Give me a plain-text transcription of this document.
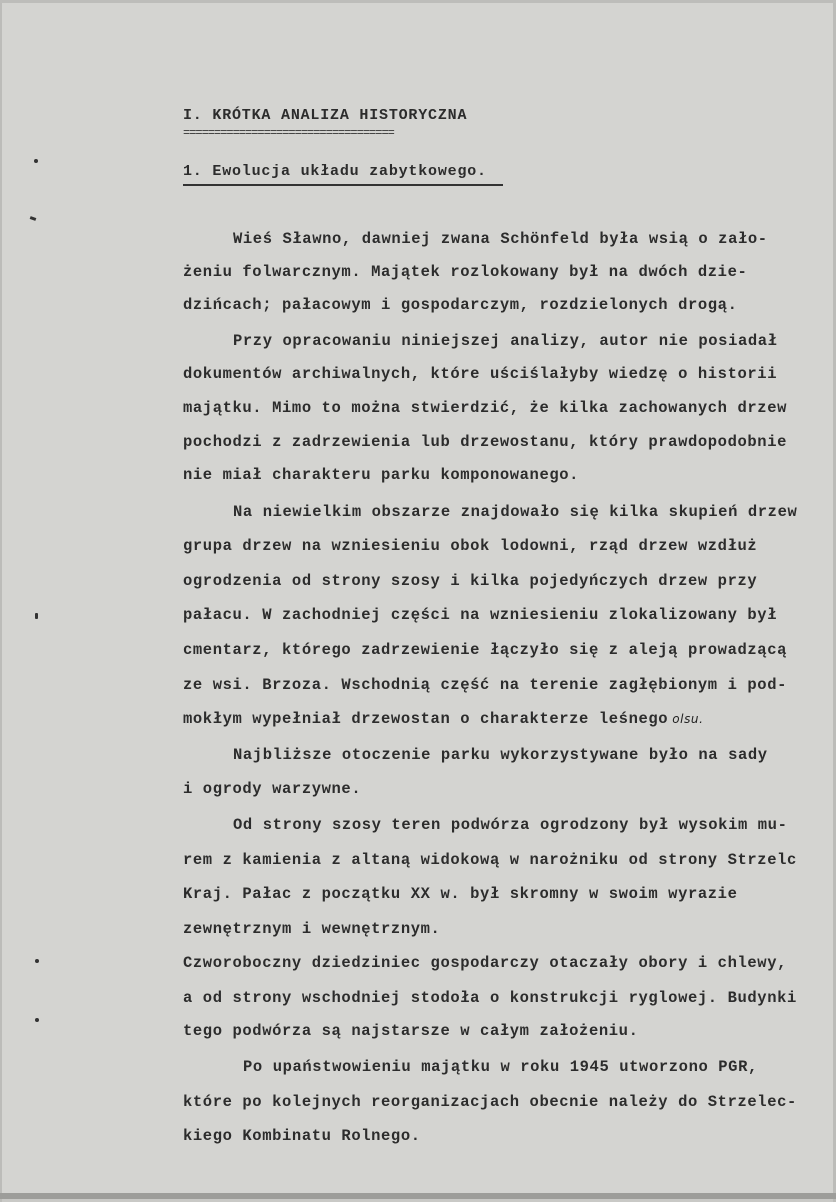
I. KRÓTKA ANALIZA HISTORYCZNA
==================================
1. Ewolucja układu zabytkowego.
Wieś Sławno, dawniej zwana Schönfeld była wsią o zało-
żeniu folwarcznym. Majątek rozlokowany był na dwóch dzie-
dzińcach; pałacowym i gospodarczym, rozdzielonych drogą.
Przy opracowaniu niniejszej analizy, autor nie posiadał
dokumentów archiwalnych, które uściślałyby wiedzę o historii
majątku. Mimo to można stwierdzić, że kilka zachowanych drzew
pochodzi z zadrzewienia lub drzewostanu, który prawdopodobnie
nie miał charakteru parku komponowanego.
Na niewielkim obszarze znajdowało się kilka skupień drzew
grupa drzew na wzniesieniu obok lodowni, rząd drzew wzdłuż
ogrodzenia od strony szosy i kilka pojedyńczych drzew przy
pałacu. W zachodniej części na wzniesieniu zlokalizowany był
cmentarz, którego zadrzewienie łączyło się z aleją prowadzącą
ze wsi. Brzoza. Wschodnią część na terenie zagłębionym i pod-
mokłym wypełniał drzewostan o charakterze leśnego olsu.
Najbliższe otoczenie parku wykorzystywane było na sady
i ogrody warzywne.
Od strony szosy teren podwórza ogrodzony był wysokim mu-
rem z kamienia z altaną widokową w narożniku od strony Strzelc
Kraj. Pałac z początku XX w. był skromny w swoim wyrazie
zewnętrznym i wewnętrznym.
Czworoboczny dziedziniec gospodarczy otaczały obory i chlewy,
a od strony wschodniej stodoła o konstrukcji ryglowej. Budynki
tego podwórza są najstarsze w całym założeniu.
Po upaństwowieniu majątku w roku 1945 utworzono PGR,
które po kolejnych reorganizacjach obecnie należy do Strzelec-
kiego Kombinatu Rolnego.
